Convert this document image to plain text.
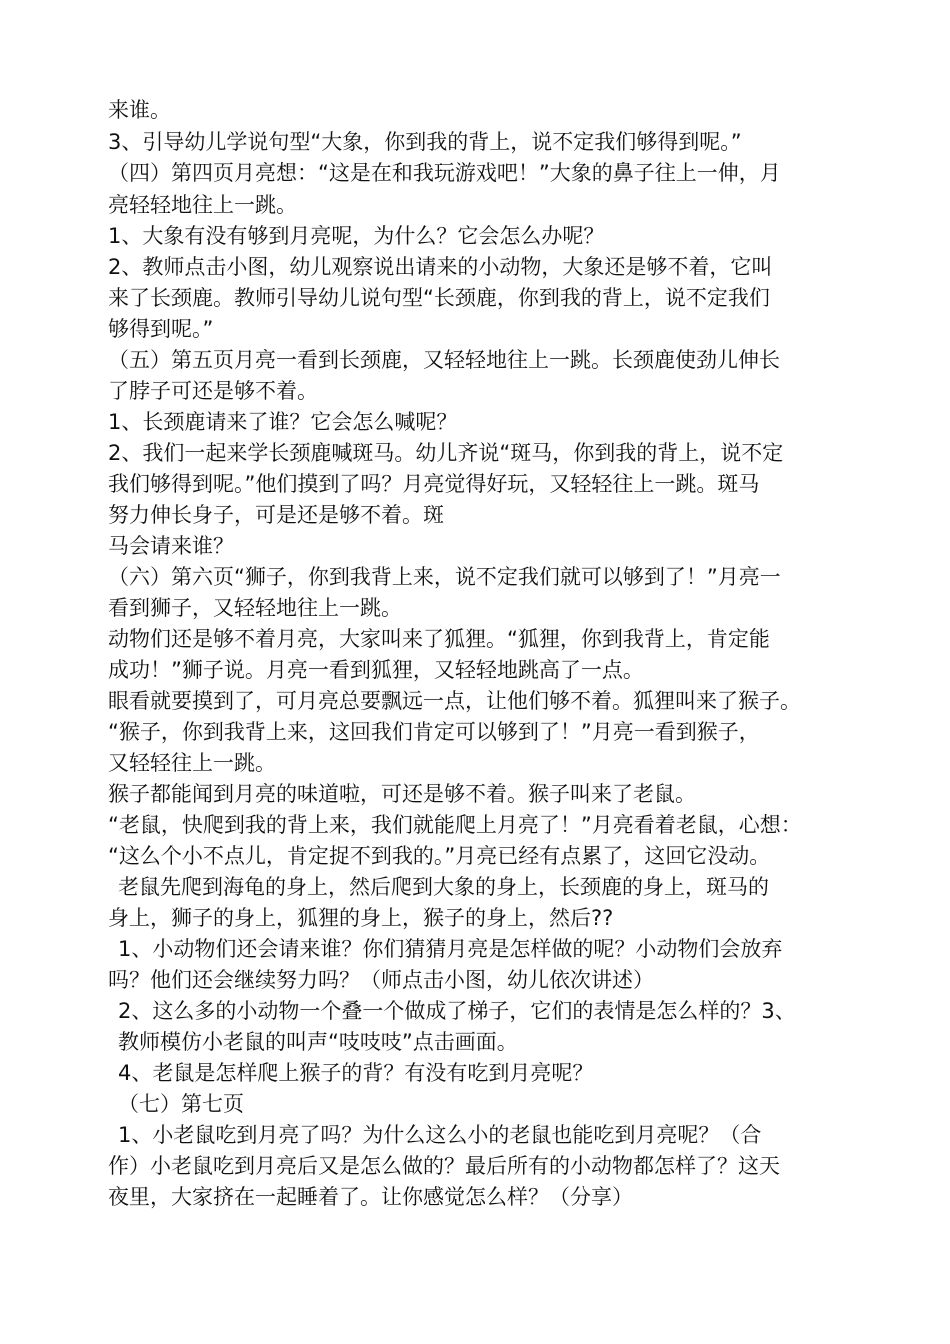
来谁。
3、引导幼儿学说句型“大象，你到我的背上，说不定我们够得到呢。”
（四）第四页月亮想：“这是在和我玩游戏吧！”大象的鼻子往上一伸，月
亮轻轻地往上一跳。
1、大象有没有够到月亮呢，为什么？它会怎么办呢？
2、教师点击小图，幼儿观察说出请来的小动物，大象还是够不着，它叫
来了长颈鹿。教师引导幼儿说句型“长颈鹿，你到我的背上，说不定我们
够得到呢。”
（五）第五页月亮一看到长颈鹿，又轻轻地往上一跳。长颈鹿使劲儿伸长
了脖子可还是够不着。
1、长颈鹿请来了谁？它会怎么喊呢？
2、我们一起来学长颈鹿喊斑马。幼儿齐说“斑马，你到我的背上，说不定
我们够得到呢。”他们摸到了吗？月亮觉得好玩，又轻轻往上一跳。斑马
努力伸长身子，可是还是够不着。斑
马会请来谁？
（六）第六页“狮子，你到我背上来，说不定我们就可以够到了！”月亮一
看到狮子，又轻轻地往上一跳。
动物们还是够不着月亮，大家叫来了狐狸。“狐狸，你到我背上，肯定能
成功！”狮子说。月亮一看到狐狸，又轻轻地跳高了一点。
眼看就要摸到了，可月亮总要飘远一点，让他们够不着。狐狸叫来了猴子。
“猴子，你到我背上来，这回我们肯定可以够到了！”月亮一看到猴子，
又轻轻往上一跳。
猴子都能闻到月亮的味道啦，可还是够不着。猴子叫来了老鼠。
“老鼠，快爬到我的背上来，我们就能爬上月亮了！”月亮看着老鼠，心想：
“这么个小不点儿，肯定捉不到我的。”月亮已经有点累了，这回它没动。
老鼠先爬到海龟的身上，然后爬到大象的身上，长颈鹿的身上，斑马的
身上，狮子的身上，狐狸的身上，猴子的身上，然后??
1、小动物们还会请来谁？你们猜猜月亮是怎样做的呢？小动物们会放弃
吗？他们还会继续努力吗？（师点击小图，幼儿依次讲述）
2、这么多的小动物一个叠一个做成了梯子，它们的表情是怎么样的？3、
教师模仿小老鼠的叫声“吱吱吱”点击画面。
4、老鼠是怎样爬上猴子的背？有没有吃到月亮呢？
（七）第七页
1、小老鼠吃到月亮了吗？为什么这么小的老鼠也能吃到月亮呢？（合
作）小老鼠吃到月亮后又是怎么做的？最后所有的小动物都怎样了？这天
夜里，大家挤在一起睡着了。让你感觉怎么样？（分享）
